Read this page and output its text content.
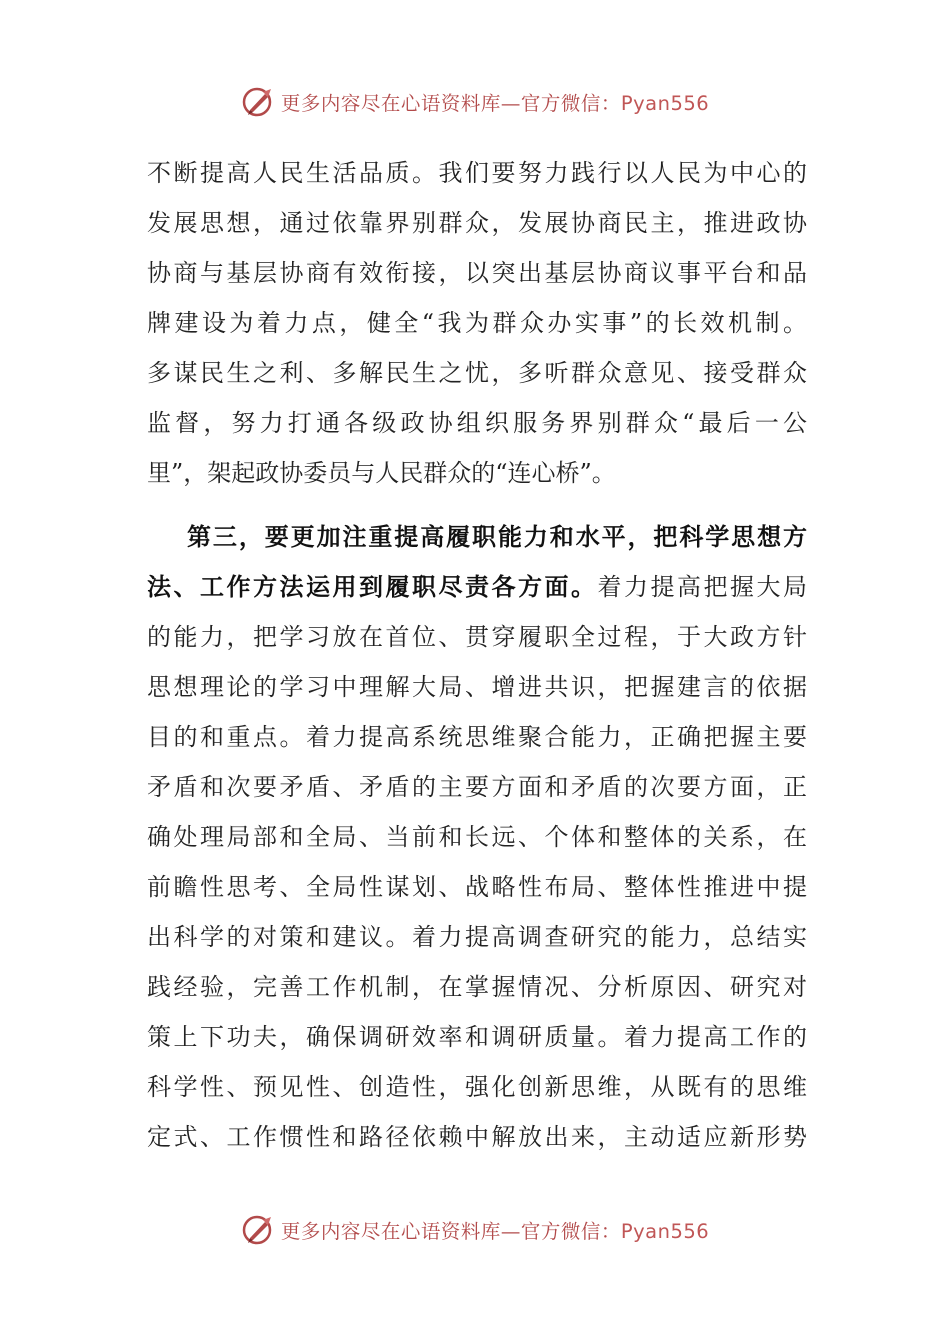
更多内容尽在心语资料库—官方微信：Pyan556
不断提高人民生活品质。我们要努力践行以人民为中心的
发展思想，通过依靠界别群众，发展协商民主，推进政协
协商与基层协商有效衔接，以突出基层协商议事平台和品
牌建设为着力点，健全“我为群众办实事”的长效机制。
多谋民生之利、多解民生之忧，多听群众意见、接受群众
监督，努力打通各级政协组织服务界别群众“最后一公
里”，架起政协委员与人民群众的“连心桥”。
第三，要更加注重提高履职能力和水平，把科学思想方
法、工作方法运用到履职尽责各方面。着力提高把握大局
的能力，把学习放在首位、贯穿履职全过程，于大政方针
思想理论的学习中理解大局、增进共识，把握建言的依据
目的和重点。着力提高系统思维聚合能力，正确把握主要
矛盾和次要矛盾、矛盾的主要方面和矛盾的次要方面，正
确处理局部和全局、当前和长远、个体和整体的关系，在
前瞻性思考、全局性谋划、战略性布局、整体性推进中提
出科学的对策和建议。着力提高调查研究的能力，总结实
践经验，完善工作机制，在掌握情况、分析原因、研究对
策上下功夫，确保调研效率和调研质量。着力提高工作的
科学性、预见性、创造性，强化创新思维，从既有的思维
定式、工作惯性和路径依赖中解放出来，主动适应新形势
更多内容尽在心语资料库—官方微信：Pyan556
